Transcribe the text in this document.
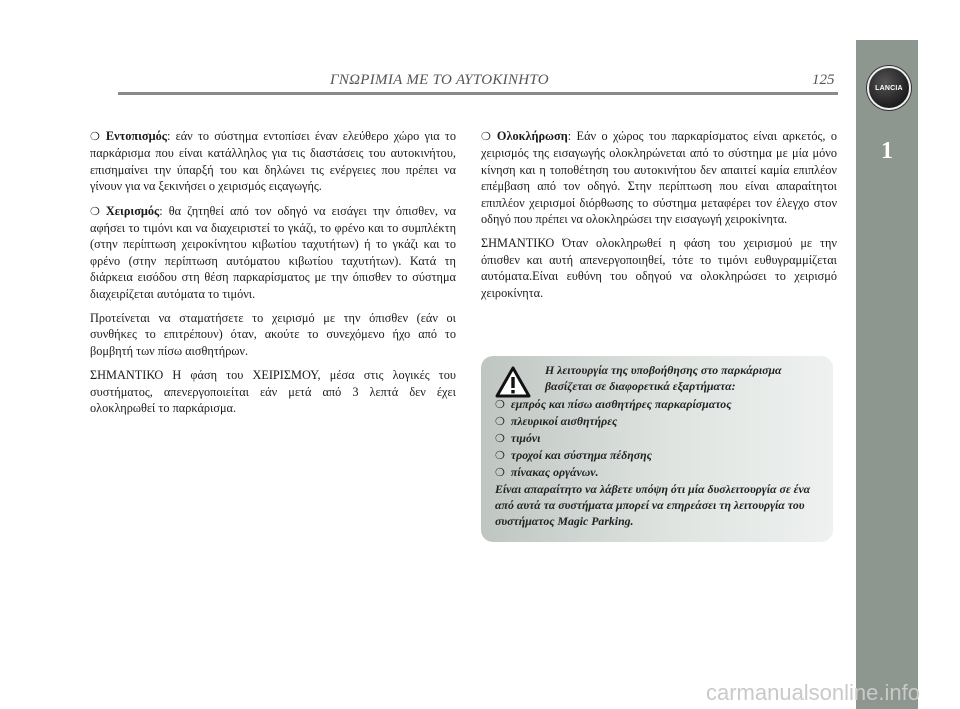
ΓΝΩΡΙΜΙΑ ΜΕ ΤΟ ΑΥΤΟΚΙΝΗΤΟ	125	LANCIA
1

❍ Εντοπισμός: εάν το σύστημα εντοπίσει έναν ελεύθερο χώρο για το παρκάρισμα που είναι κατάλληλος για τις διαστάσεις του αυτοκινήτου, επισημαίνει την ύπαρξή του και δηλώνει τις ενέργειες που πρέπει να γίνουν για να ξεκινήσει ο χειρισμός ειςαγωγής.

❍ Χειρισμός: θα ζητηθεί από τον οδηγό να εισάγει την όπισθεν, να αφήσει το τιμόνι και να διαχειριστεί το γκάζι, το φρένο και το συμπλέκτη (στην περίπτωση χειροκίνητου κιβωτίου ταχυτήτων) ή το γκάζι και το φρένο (στην περίπτωση αυτόματου κιβωτίου ταχυτήτων). Κατά τη διάρκεια εισόδου στη θέση παρκαρίσματος με την όπισθεν το σύστημα διαχειρίζεται αυτόματα το τιμόνι.

Προτείνεται να σταματήσετε το χειρισμό με την όπισθεν (εάν οι συνθήκες το επιτρέπουν) όταν, ακούτε το συνεχόμενο ήχο από το βομβητή των πίσω αισθητήρων.

ΣΗΜΑΝΤΙΚΟ Η φάση του ΧΕΙΡΙΣΜΟΥ, μέσα στις λογικές του συστήματος, απενεργοποιείται εάν μετά από 3 λεπτά δεν έχει ολοκληρωθεί το παρκάρισμα.

❍ Ολοκλήρωση: Εάν ο χώρος του παρκαρίσματος είναι αρκετός, ο χειρισμός της εισαγωγής ολοκληρώνεται από το σύστημα με μία μόνο κίνηση και η τοποθέτηση του αυτοκινήτου δεν απαιτεί καμία επιπλέον επέμβαση από τον οδηγό. Στην περίπτωση που είναι απαραίτητοι επιπλέον χειρισμοί διόρθωσης το σύστημα μεταφέρει τον έλεγχο στον οδηγό που πρέπει να ολοκληρώσει την εισαγωγή χειροκίνητα.

ΣΗΜΑΝΤΙΚΟ Όταν ολοκληρωθεί η φάση του χειρισμού με την όπισθεν και αυτή απενεργοποιηθεί, τότε το τιμόνι ευθυγραμμίζεται αυτόματα.Είναι ευθύνη του οδηγού να ολοκληρώσει το χειρισμό χειροκίνητα.

Η λειτουργία της υποβοήθησης στο παρκάρισμα βασίζεται σε διαφορετικά εξαρτήματα:
❍ εμπρός και πίσω αισθητήρες παρκαρίσματος
❍ πλευρικοί αισθητήρες
❍ τιμόνι
❍ τροχοί και σύστημα πέδησης
❍ πίνακας οργάνων.
Είναι απαραίτητο να λάβετε υπόψη ότι μία δυσλειτουργία σε ένα από αυτά τα συστήματα μπορεί να επηρεάσει τη λειτουργία του συστήματος Magic Parking.
carmanualsonline.info
